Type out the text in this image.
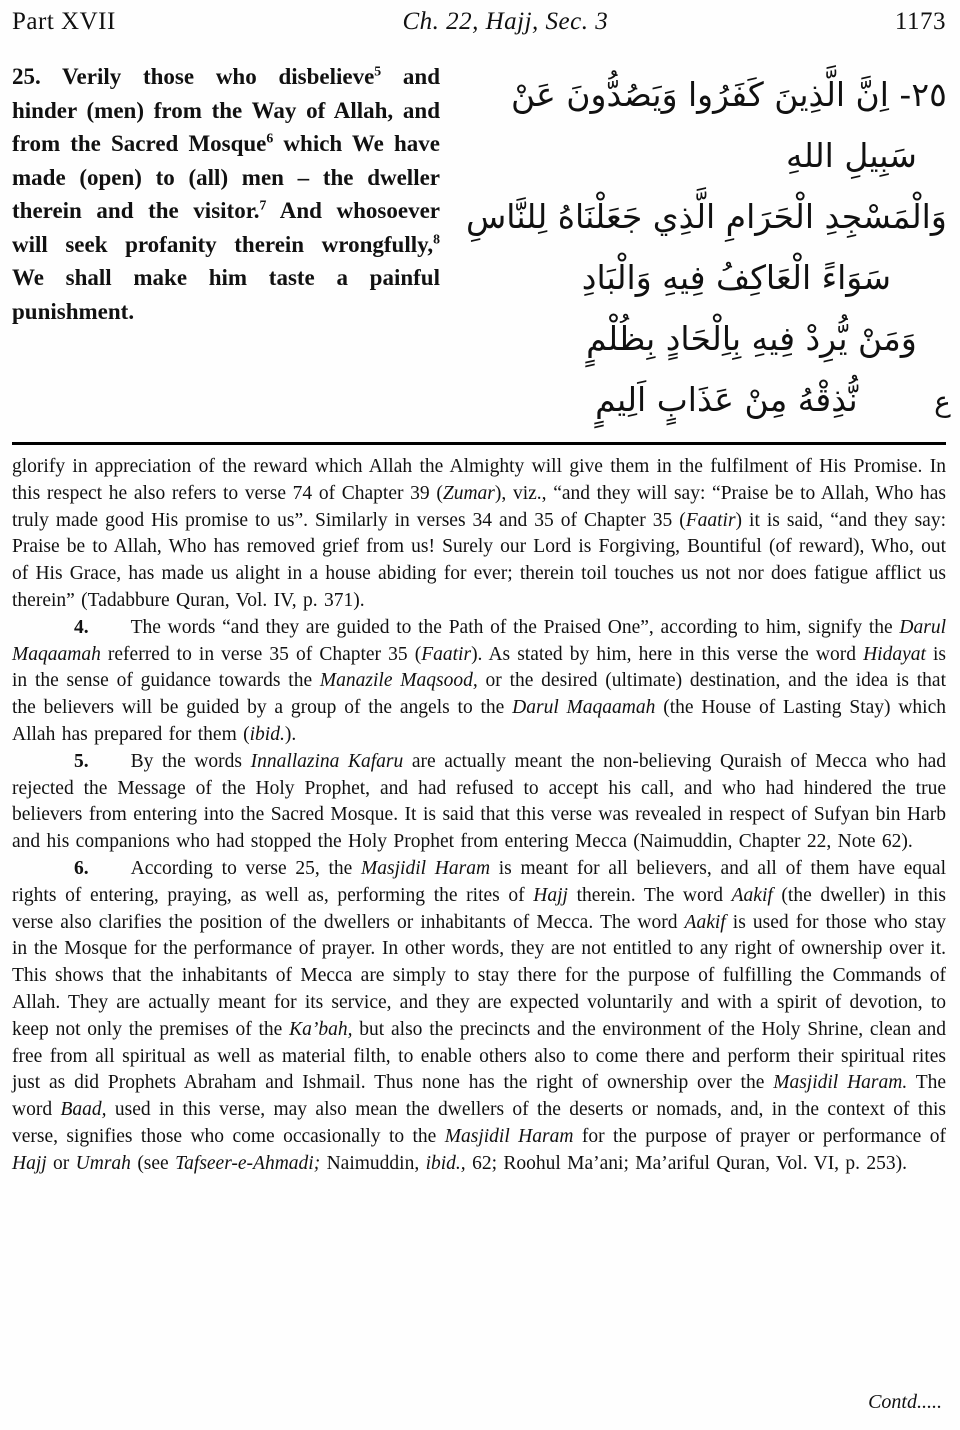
Part XVII	Ch. 22, Hajj, Sec. 3	1173
25. Verily those who disbelieve$^5$ and hinder (men) from the Way of Allah, and from the Sacred Mosque$^6$ which We have made (open) to (all) men – the dweller therein and the visitor.$^7$ And whosoever will seek profanity therein wrongfully,$^8$ We shall make him taste a painful punishment.
٢٥- اِنَّ الَّذِينَ كَفَرُوا وَيَصُدُّونَ عَنْ
سَبِيلِ اللهِ
وَالْمَسْجِدِ الْحَرَامِ الَّذِي جَعَلْنَاهُ لِلنَّاسِ
سَوَاءً الْعَاكِفُ فِيهِ وَالْبَادِ
وَمَنْ يُّرِدْ فِيهِ بِاِلْحَادٍ بِظُلْمٍ
نُّذِقْهُ مِنْ عَذَابٍ اَلِيمٍ	ع

glorify in appreciation of the reward which Allah the Almighty will give them in the fulfilment of His Promise. In this respect he also refers to verse 74 of Chapter 39 (Zumar), viz., “and they will say: “Praise be to Allah, Who has truly made good His promise to us”. Similarly in verses 34 and 35 of Chapter 35 (Faatir) it is said, “and they say: Praise be to Allah, Who has removed grief from us! Surely our Lord is Forgiving, Bountiful (of reward), Who, out of His Grace, has made us alight in a house abiding for ever; therein toil touches us not nor does fatigue afflict us therein” (Tadabbure Quran, Vol. IV, p. 371).

4. The words “and they are guided to the Path of the Praised One”, according to him, signify the Darul Maqaamah referred to in verse 35 of Chapter 35 (Faatir). As stated by him, here in this verse the word Hidayat is in the sense of guidance towards the Manazile Maqsood, or the desired (ultimate) destination, and the idea is that the believers will be guided by a group of the angels to the Darul Maqaamah (the House of Lasting Stay) which Allah has prepared for them (ibid.).

5. By the words Innallazina Kafaru are actually meant the non-believing Quraish of Mecca who had rejected the Message of the Holy Prophet, and had refused to accept his call, and who had hindered the true believers from entering into the Sacred Mosque. It is said that this verse was revealed in respect of Sufyan bin Harb and his companions who had stopped the Holy Prophet from entering Mecca (Naimuddin, Chapter 22, Note 62).

6. According to verse 25, the Masjidil Haram is meant for all believers, and all of them have equal rights of entering, praying, as well as, performing the rites of Hajj therein. The word Aakif (the dweller) in this verse also clarifies the position of the dwellers or inhabitants of Mecca. The word Aakif is used for those who stay in the Mosque for the performance of prayer. In other words, they are not entitled to any right of ownership over it. This shows that the inhabitants of Mecca are simply to stay there for the purpose of fulfilling the Commands of Allah. They are actually meant for its service, and they are expected voluntarily and with a spirit of devotion, to keep not only the premises of the Ka’bah, but also the precincts and the environment of the Holy Shrine, clean and free from all spiritual as well as material filth, to enable others also to come there and perform their spiritual rites just as did Prophets Abraham and Ishmail. Thus none has the right of ownership over the Masjidil Haram. The word Baad, used in this verse, may also mean the dwellers of the deserts or nomads, and, in the context of this verse, signifies those who come occasionally to the Masjidil Haram for the purpose of prayer or performance of Hajj or Umrah (see Tafseer-e-Ahmadi; Naimuddin, ibid., 62; Roohul Ma’ani; Ma’ariful Quran, Vol. VI, p. 253).

Contd.....
